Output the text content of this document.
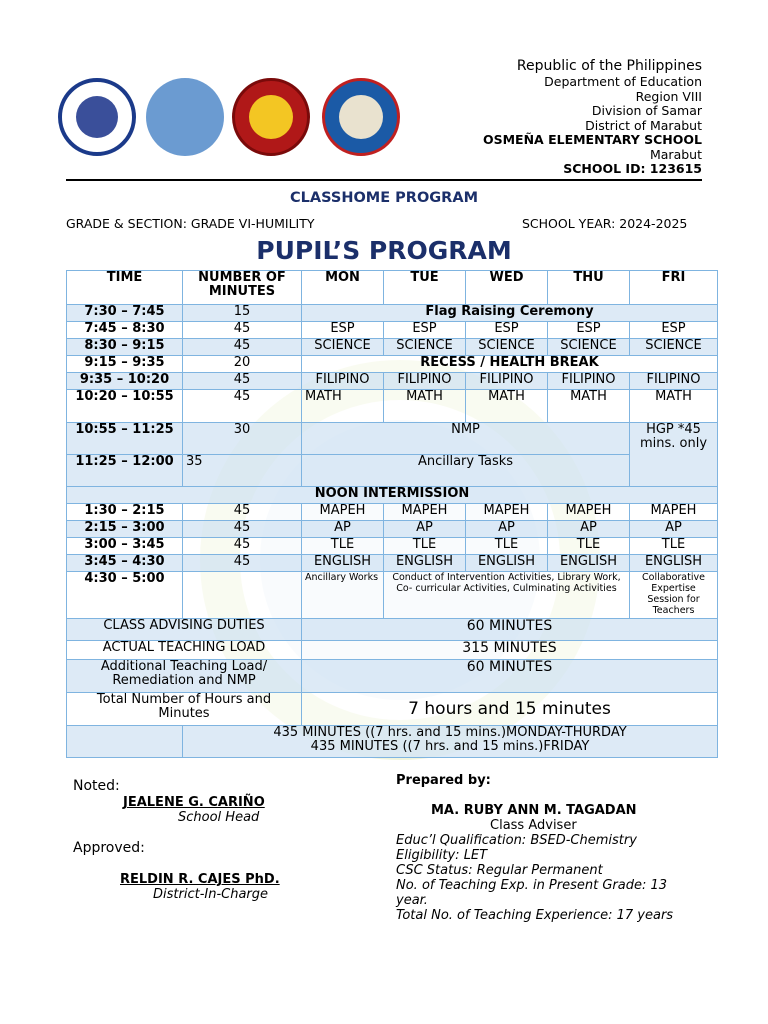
Republic of the Philippines
Department of Education
Region VIII
Division of Samar
District of Marabut
OSMEÑA ELEMENTARY SCHOOL
Marabut
SCHOOL ID: 123615
CLASSHOME PROGRAM
GRADE & SECTION: GRADE VI-HUMILITY	SCHOOL YEAR: 2024-2025
PUPIL’S PROGRAM
TIME	NUMBER OF MINUTES	MON	TUE	WED	THU	FRI
7:30 – 7:45	15	Flag Raising Ceremony				
7:45 – 8:30	45	ESP	ESP	ESP	ESP	ESP
8:30 – 9:15	45	SCIENCE	SCIENCE	SCIENCE	SCIENCE	SCIENCE
9:15 – 9:35	20	RECESS / HEALTH BREAK				
9:35 – 10:20	45	FILIPINO	FILIPINO	FILIPINO	FILIPINO	FILIPINO
10:20 – 10:55	45	MATH	MATH	MATH	MATH	MATH
10:55 – 11:25	30	NMP				HGP *45 mins. only
11:25 – 12:00	35	Ancillary Tasks				
NOON INTERMISSION						
1:30 – 2:15	45	MAPEH	MAPEH	MAPEH	MAPEH	MAPEH
2:15 – 3:00	45	AP	AP	AP	AP	AP
3:00 – 3:45	45	TLE	TLE	TLE	TLE	TLE
3:45 – 4:30	45	ENGLISH	ENGLISH	ENGLISH	ENGLISH	ENGLISH
4:30 – 5:00		Ancillary Works	Conduct of Intervention Activities, Library Work, Co- curricular Activities, Culminating Activities			Collaborative Expertise Session for Teachers
CLASS ADVISING DUTIES		60 MINUTES				
ACTUAL TEACHING LOAD		315 MINUTES				
Additional Teaching Load/ Remediation and NMP		60 MINUTES				
Total Number of Hours and Minutes		7 hours and 15 minutes				

	435 MINUTES ((7 hrs. and 15 mins.)MONDAY-THURDAY
435 MINUTES ((7 hrs. and 15 mins.)FRIDAY					
Noted:
JEALENE G. CARIÑO
School Head
Approved:
RELDIN R. CAJES PhD.
District-In-Charge
Prepared by:
MA. RUBY ANN M. TAGADAN
Class Adviser
Educ’l Qualification: BSED-Chemistry
Eligibility: LET
CSC Status: Regular Permanent
No. of Teaching Exp. in Present Grade: 13 year.
Total No. of Teaching Experience: 17 years
